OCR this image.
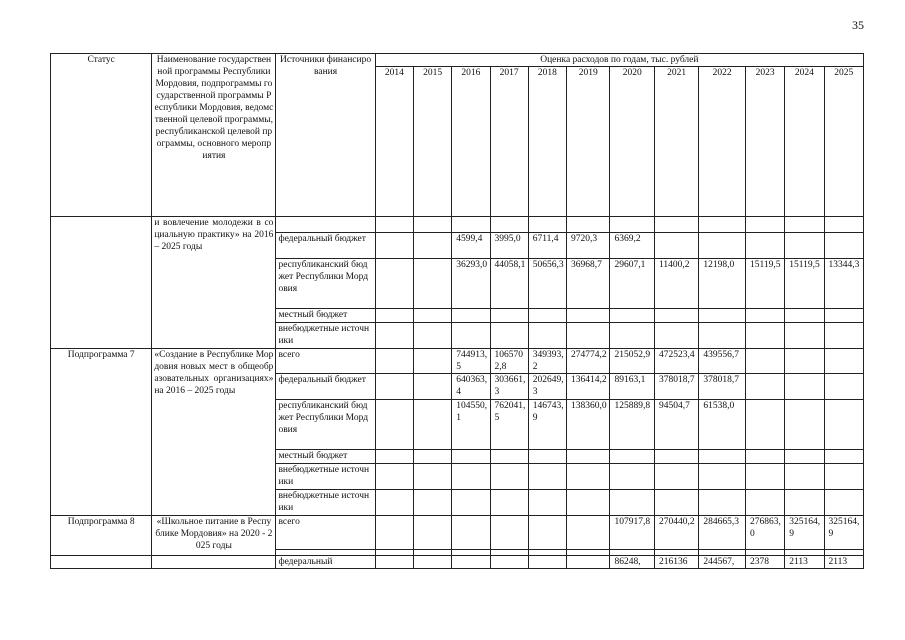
35
Статус	Наименование государственной программы Республики Мордовия, подпрограммы государственной программы Республики Мордовия, ведомственной целевой программы, республиканской целевой программы, основного мероприятия	Источники финансирования	Оценка расходов по годам, тыс. рублей											
			2014	2015	2016	2017	2018	2019	2020	2021	2022	2023	2024	2025
	и вовлечение молодежи в социальную практику» на 2016 – 2025 годы													
		федеральный бюджет			4599,4	3995,0	6711,4	9720,3	6369,2					
		республиканский бюджет Республики Мордовия			36293,0	44058,1	50656,3	36968,7	29607,1	11400,2	12198,0	15119,5	15119,5	13344,3
		местный бюджет												
		внебюджетные источники												
Подпрограмма 7	«Создание в Республике Мордовия новых мест в общеобразовательных организациях» на 2016 – 2025 годы	всего			744913,5	1065702,8	349393,2	274774,2	215052,9	472523,4	439556,7			
		федеральный бюджет			640363,4	303661,3	202649,3	136414,2	89163,1	378018,7	378018,7			
		республиканский бюджет Республики Мордовия			104550,1	762041,5	146743,9	138360,0	125889,8	94504,7	61538,0			
		местный бюджет												
		внебюджетные источники												
		внебюджетные источники												
Подпрограмма 8	«Школьное питание в Республике Мордовия» на 2020 - 2025 годы	всего							107917,8	270440,2	284665,3	276863,0	325164,9	325164,9

		федеральный							86248,	216136	244567,	2378	2113	2113
